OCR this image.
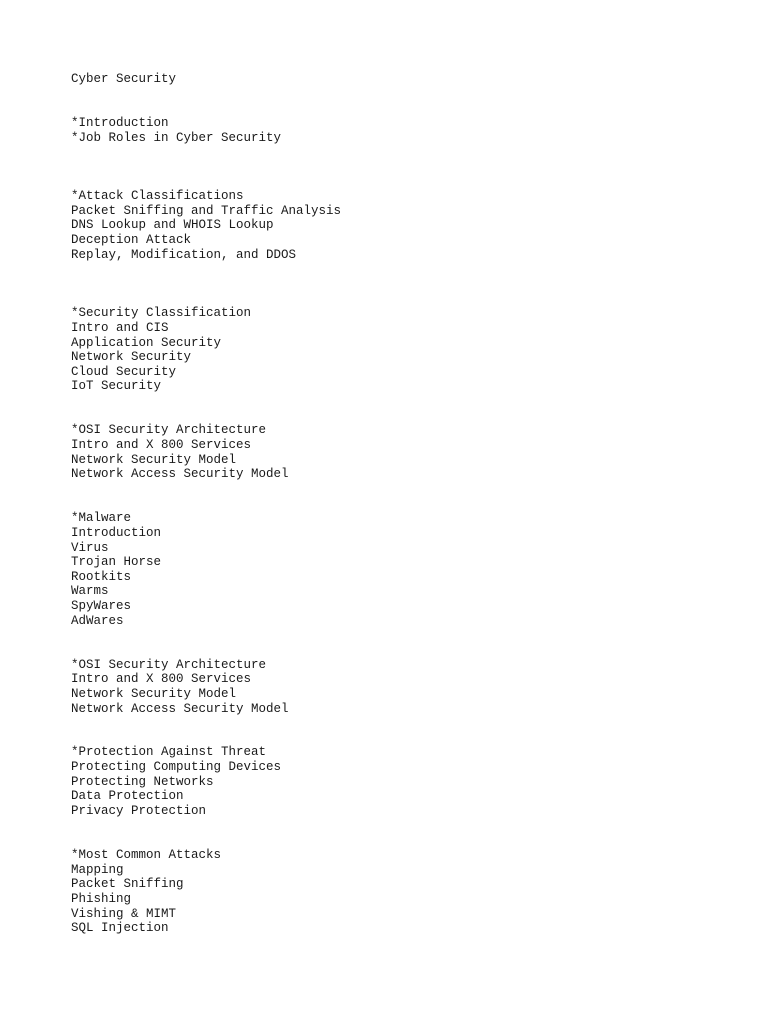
Cyber Security
*Introduction
*Job Roles in Cyber Security
*Attack Classifications
Packet Sniffing and Traffic Analysis
DNS Lookup and WHOIS Lookup
Deception Attack
Replay, Modification, and DDOS
*Security Classification
Intro and CIS
Application Security
Network Security
Cloud Security
IoT Security
*OSI Security Architecture
Intro and X 800 Services
Network Security Model
Network Access Security Model
*Malware
Introduction
Virus
Trojan Horse
Rootkits
Warms
SpyWares
AdWares
*OSI Security Architecture
Intro and X 800 Services
Network Security Model
Network Access Security Model
*Protection Against Threat
Protecting Computing Devices
Protecting Networks
Data Protection
Privacy Protection
*Most Common Attacks
Mapping
Packet Sniffing
Phishing
Vishing & MIMT
SQL Injection
